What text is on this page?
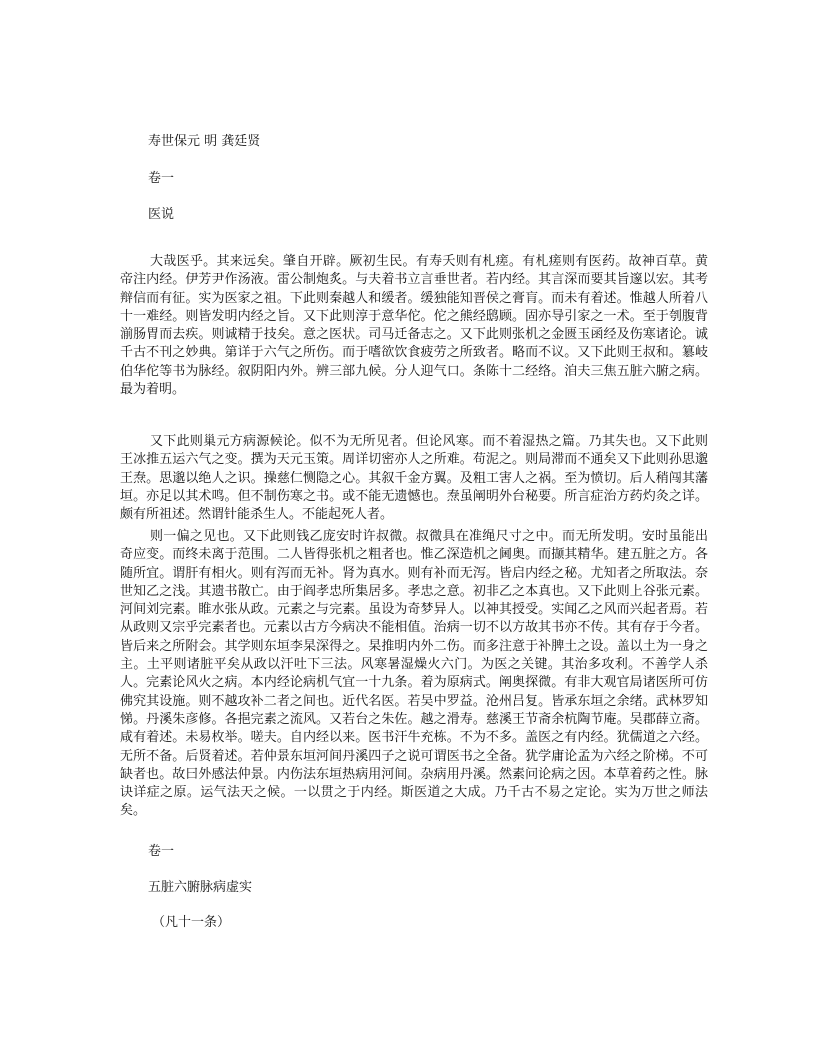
寿世保元 明 龚廷贤
卷一
医说

大哉医乎。其来远矣。肇自开辟。厥初生民。有寿夭则有札瘥。有札瘥则有医药。故神百草。黄帝注内经。伊芳尹作汤液。雷公制炮炙。与夫着书立言垂世者。若内经。其言深而要其旨邃以宏。其考辩信而有征。实为医家之祖。下此则秦越人和缓者。缓独能知晋侯之膏肓。而未有着述。惟越人所着八十一难经。则皆发明内经之旨。又下此则淳于意华佗。佗之熊经鸱顾。固亦导引家之一术。至于刳腹背湔肠胃而去疾。则诚精于技矣。意之医状。司马迁备志之。又下此则张机之金匮玉函经及伤寒诸论。诚千古不刊之妙典。第详于六气之所伤。而于嗜欲饮食疲劳之所致者。略而不议。又下此则王叔和。簒岐伯华佗等书为脉经。叙阴阳内外。辨三部九候。分人迎气口。条陈十二经络。洎夫三焦五脏六腑之病。最为着明。

又下此则巢元方病源候论。似不为无所见者。但论风寒。而不着湿热之篇。乃其失也。又下此则王冰推五运六气之变。撰为天元玉策。周详切密亦人之所难。苟泥之。则局滞而不通矣又下此则孙思邈王焘。思邈以绝人之识。操慈仁恻隐之心。其叙千金方翼。及粗工害人之祸。至为愤切。后人稍闯其藩垣。亦足以其术鸣。但不制伤寒之书。或不能无遗憾也。焘虽阐明外台秘要。所言症治方药灼灸之详。颇有所祖述。然谓针能杀生人。不能起死人者。

则一偏之见也。又下此则钱乙庞安时许叔微。叔微具在准绳尺寸之中。而无所发明。安时虽能出奇应变。而终未离于范围。二人皆得张机之粗者也。惟乙深造机之阃奥。而撷其精华。建五脏之方。各随所宜。谓肝有相火。则有泻而无补。肾为真水。则有补而无泻。皆启内经之秘。尤知者之所取法。奈世知乙之浅。其遗书散亡。由于阎孝忠所集居多。孝忠之意。初非乙之本真也。又下此则上谷张元素。河间刘完素。睢水张从政。元素之与完素。虽设为奇梦异人。以神其授受。实闻乙之风而兴起者焉。若从政则又宗乎完素者也。元素以古方今病决不能相值。治病一切不以方故其书亦不传。其有存于今者。皆后来之所附会。其学则东垣李杲深得之。杲推明内外二伤。而多注意于补脾土之设。盖以土为一身之主。土平则诸脏平矣从政以汗吐下三法。风寒暑湿燥火六门。为医之关键。其治多攻利。不善学人杀人。完素论风火之病。本内经论病机气宜一十九条。着为原病式。阐奥探微。有非大观官局诸医所可仿佛究其设施。则不越攻补二者之间也。近代名医。若吴中罗益。沧州吕复。皆承东垣之余绪。武林罗知悌。丹溪朱彦修。各挹完素之流风。又若台之朱佐。越之滑寿。慈溪王节斋余杭陶节庵。吴郡薛立斋。咸有着述。未易枚举。嗟夫。自内经以来。医书汗牛充栋。不为不多。盖医之有内经。犹儒道之六经。无所不备。后贤着述。若仲景东垣河间丹溪四子之说可谓医书之全备。犹学庸论孟为六经之阶梯。不可缺者也。故曰外感法仲景。内伤法东垣热病用河间。杂病用丹溪。然素问论病之因。本草着药之性。脉诀详症之原。运气法天之候。一以贯之于内经。斯医道之大成。乃千古不易之定论。实为万世之师法矣。

卷一
五脏六腑脉病虚实
（凡十一条）
